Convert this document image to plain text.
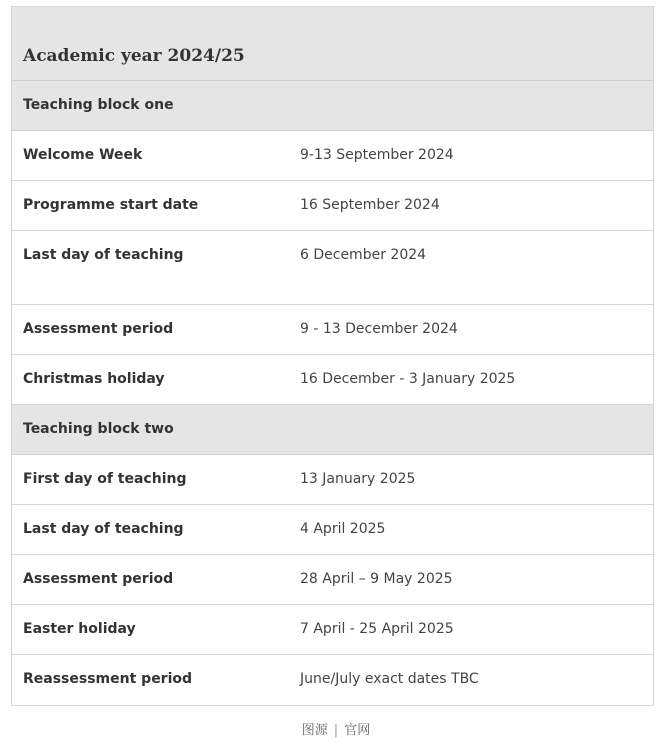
Academic year 2024/25
Teaching block one
Welcome Week	9-13 September 2024
Programme start date	16 September 2024
Last day of teaching	6 December 2024
Assessment period	9 - 13 December 2024
Christmas holiday	16 December - 3 January 2025
Teaching block two
First day of teaching	13 January 2025
Last day of teaching	4 April 2025
Assessment period	28 April – 9 May 2025
Easter holiday	7 April - 25 April 2025
Reassessment period	June/July exact dates TBC
图源 | 官网
